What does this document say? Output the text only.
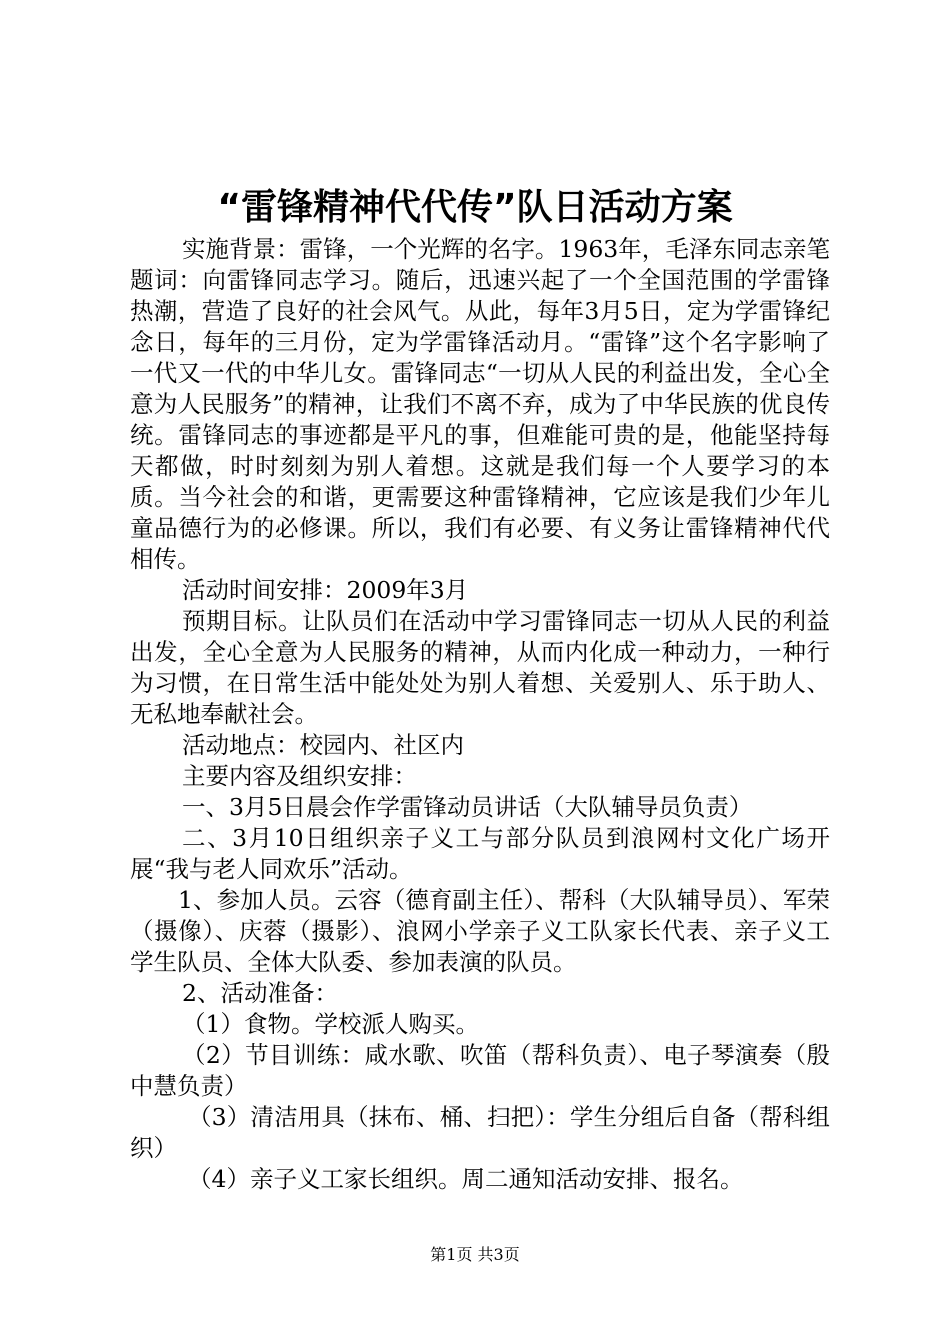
“雷锋精神代代传”队日活动方案

实施背景：雷锋，一个光辉的名字。1963年，毛泽东同志亲笔题词：向雷锋同志学习。随后，迅速兴起了一个全国范围的学雷锋热潮，营造了良好的社会风气。从此，每年3月5日，定为学雷锋纪念日，每年的三月份，定为学雷锋活动月。“雷锋”这个名字影响了一代又一代的中华儿女。雷锋同志“一切从人民的利益出发，全心全意为人民服务”的精神，让我们不离不弃，成为了中华民族的优良传统。雷锋同志的事迹都是平凡的事，但难能可贵的是，他能坚持每天都做，时时刻刻为别人着想。这就是我们每一个人要学习的本质。当今社会的和谐，更需要这种雷锋精神，它应该是我们少年儿童品德行为的必修课。所以，我们有必要、有义务让雷锋精神代代相传。

活动时间安排：2009年3月

预期目标。让队员们在活动中学习雷锋同志一切从人民的利益出发，全心全意为人民服务的精神，从而内化成一种动力，一种行为习惯，在日常生活中能处处为别人着想、关爱别人、乐于助人、无私地奉献社会。

活动地点：校园内、社区内

主要内容及组织安排：

一、3月5日晨会作学雷锋动员讲话（大队辅导员负责）

二、3月10日组织亲子义工与部分队员到浪网村文化广场开展“我与老人同欢乐”活动。

1、参加人员。云容（德育副主任）、帮科（大队辅导员）、军荣（摄像）、庆蓉（摄影）、浪网小学亲子义工队家长代表、亲子义工学生队员、全体大队委、参加表演的队员。

2、活动准备：

（1）食物。学校派人购买。

（2）节目训练：咸水歌、吹笛（帮科负责）、电子琴演奏（殷中慧负责）

（3）清洁用具（抹布、桶、扫把）：学生分组后自备（帮科组织）

（4）亲子义工家长组织。周二通知活动安排、报名。

第1页 共3页
